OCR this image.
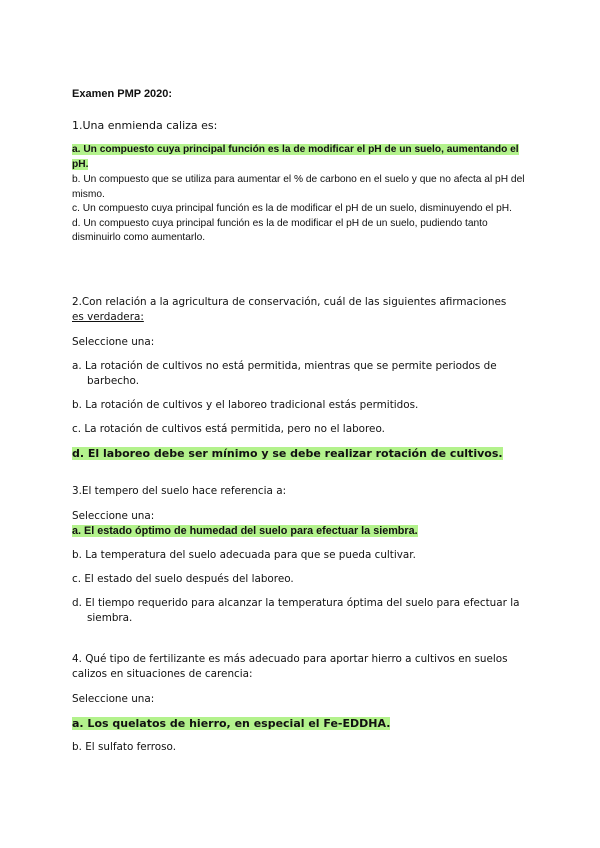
Examen PMP 2020:
1.Una enmienda caliza es:
a. Un compuesto cuya principal función es la de modificar el pH de un suelo, aumentando el pH.
b. Un compuesto que se utiliza para aumentar el % de carbono en el suelo y que no afecta al pH del mismo.
c. Un compuesto cuya principal función es la de modificar el pH de un suelo, disminuyendo el pH.
d. Un compuesto cuya principal función es la de modificar el pH de un suelo, pudiendo tanto disminuirlo como aumentarlo.
2.Con relación a la agricultura de conservación, cuál de las siguientes afirmaciones
es verdadera:
Seleccione una:
a. La rotación de cultivos no está permitida, mientras que se permite periodos de barbecho.
b. La rotación de cultivos y el laboreo tradicional estás permitidos.
c. La rotación de cultivos está permitida, pero no el laboreo.
d. El laboreo debe ser mínimo y se debe realizar rotación de cultivos.
3.El tempero del suelo hace referencia a:
Seleccione una:
a. El estado óptimo de humedad del suelo para efectuar la siembra.
b. La temperatura del suelo adecuada para que se pueda cultivar.
c. El estado del suelo después del laboreo.
d. El tiempo requerido para alcanzar la temperatura óptima del suelo para efectuar la siembra.
4. Qué tipo de fertilizante es más adecuado para aportar hierro a cultivos en suelos calizos en situaciones de carencia:
Seleccione una:
a. Los quelatos de hierro, en especial el Fe-EDDHA.
b. El sulfato ferroso.
